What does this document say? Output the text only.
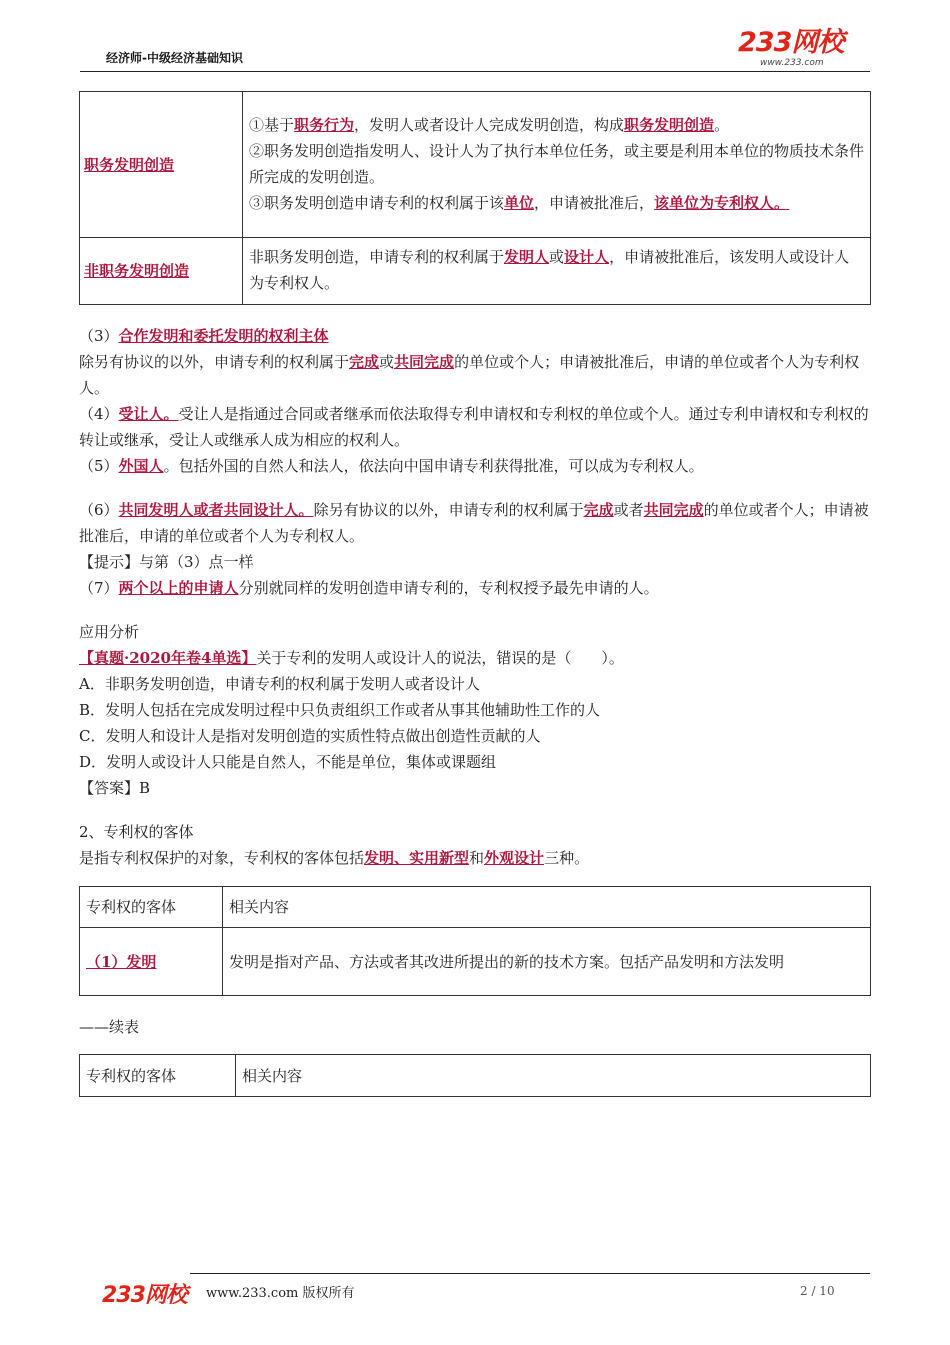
经济师-中级经济基础知识	233网校
www.233.com
职务发明创造	①基于职务行为，发明人或者设计人完成发明创造，构成职务发明创造。
②职务发明创造指发明人、设计人为了执行本单位任务，或主要是利用本单位的物质技术条件所完成的发明创造。
③职务发明创造申请专利的权利属于该单位，申请被批准后，该单位为专利权人。

非职务发明创造	非职务发明创造，申请专利的权利属于发明人或设计人，申请被批准后，该发明人或设计人为专利权人。

（3）合作发明和委托发明的权利主体
除另有协议的以外，申请专利的权利属于完成或共同完成的单位或个人；申请被批准后，申请的单位或者个人为专利权人。

（4）受让人。受让人是指通过合同或者继承而依法取得专利申请权和专利权的单位或个人。通过专利申请权和专利权的转让或继承，受让人或继承人成为相应的权利人。

（5）外国人。包括外国的自然人和法人，依法向中国申请专利获得批准，可以成为专利权人。

（6）共同发明人或者共同设计人。除另有协议的以外，申请专利的权利属于完成或者共同完成的单位或者个人；申请被批准后，申请的单位或者个人为专利权人。

【提示】与第（3）点一样

（7）两个以上的申请人分别就同样的发明创造申请专利的，专利权授予最先申请的人。

应用分析

【真题·2020年卷4单选】关于专利的发明人或设计人的说法，错误的是（　　）。

A．非职务发明创造，申请专利的权利属于发明人或者设计人

B．发明人包括在完成发明过程中只负责组织工作或者从事其他辅助性工作的人

C．发明人和设计人是指对发明创造的实质性特点做出创造性贡献的人

D．发明人或设计人只能是自然人，不能是单位，集体或课题组

【答案】B

2、专利权的客体

是指专利权保护的对象，专利权的客体包括发明、实用新型和外观设计三种。

专利权的客体	相关内容
（1）发明	发明是指对产品、方法或者其改进所提出的新的技术方案。包括产品发明和方法发明

——续表

专利权的客体	相关内容
233网校 www.233.com 版权所有	2 / 10
